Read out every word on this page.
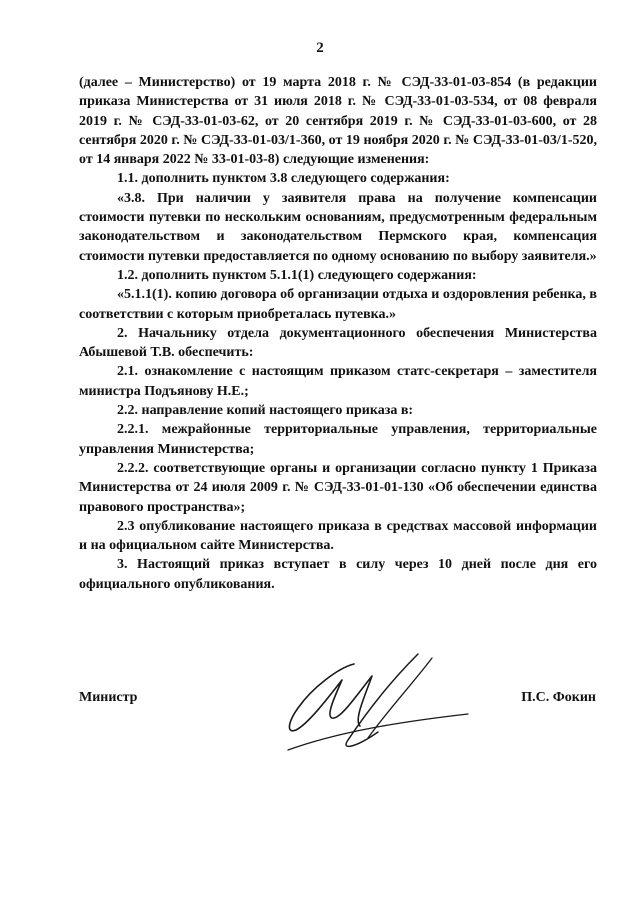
2

(далее – Министерство) от 19 марта 2018 г. № СЭД-33-01-03-854 (в редакции приказа Министерства от 31 июля 2018 г. № СЭД-33-01-03-534, от 08 февраля 2019 г. № СЭД-33-01-03-62, от 20 сентября 2019 г. № СЭД-33-01-03-600, от 28 сентября 2020 г. № СЭД-33-01-03/1-360, от 19 ноября 2020 г. № СЭД-33-01-03/1-520, от 14 января 2022 № 33-01-03-8) следующие изменения:

1.1. дополнить пунктом 3.8 следующего содержания:

«3.8. При наличии у заявителя права на получение компенсации стоимости путевки по нескольким основаниям, предусмотренным федеральным законодательством и законодательством Пермского края, компенсация стоимости путевки предоставляется по одному основанию по выбору заявителя.»

1.2. дополнить пунктом 5.1.1(1) следующего содержания:

«5.1.1(1). копию договора об организации отдыха и оздоровления ребенка, в соответствии с которым приобреталась путевка.»

2. Начальнику отдела документационного обеспечения Министерства Абышевой Т.В. обеспечить:

2.1. ознакомление с настоящим приказом статс-секретаря – заместителя министра Подъянову Н.Е.;

2.2. направление копий настоящего приказа в:

2.2.1. межрайонные территориальные управления, территориальные управления Министерства;

2.2.2. соответствующие органы и организации согласно пункту 1 Приказа Министерства от 24 июля 2009 г. № СЭД-33-01-01-130 «Об обеспечении единства правового пространства»;

2.3 опубликование настоящего приказа в средствах массовой информации и на официальном сайте Министерства.

3. Настоящий приказ вступает в силу через 10 дней после дня его официального опубликования.

Министр	П.С. Фокин
